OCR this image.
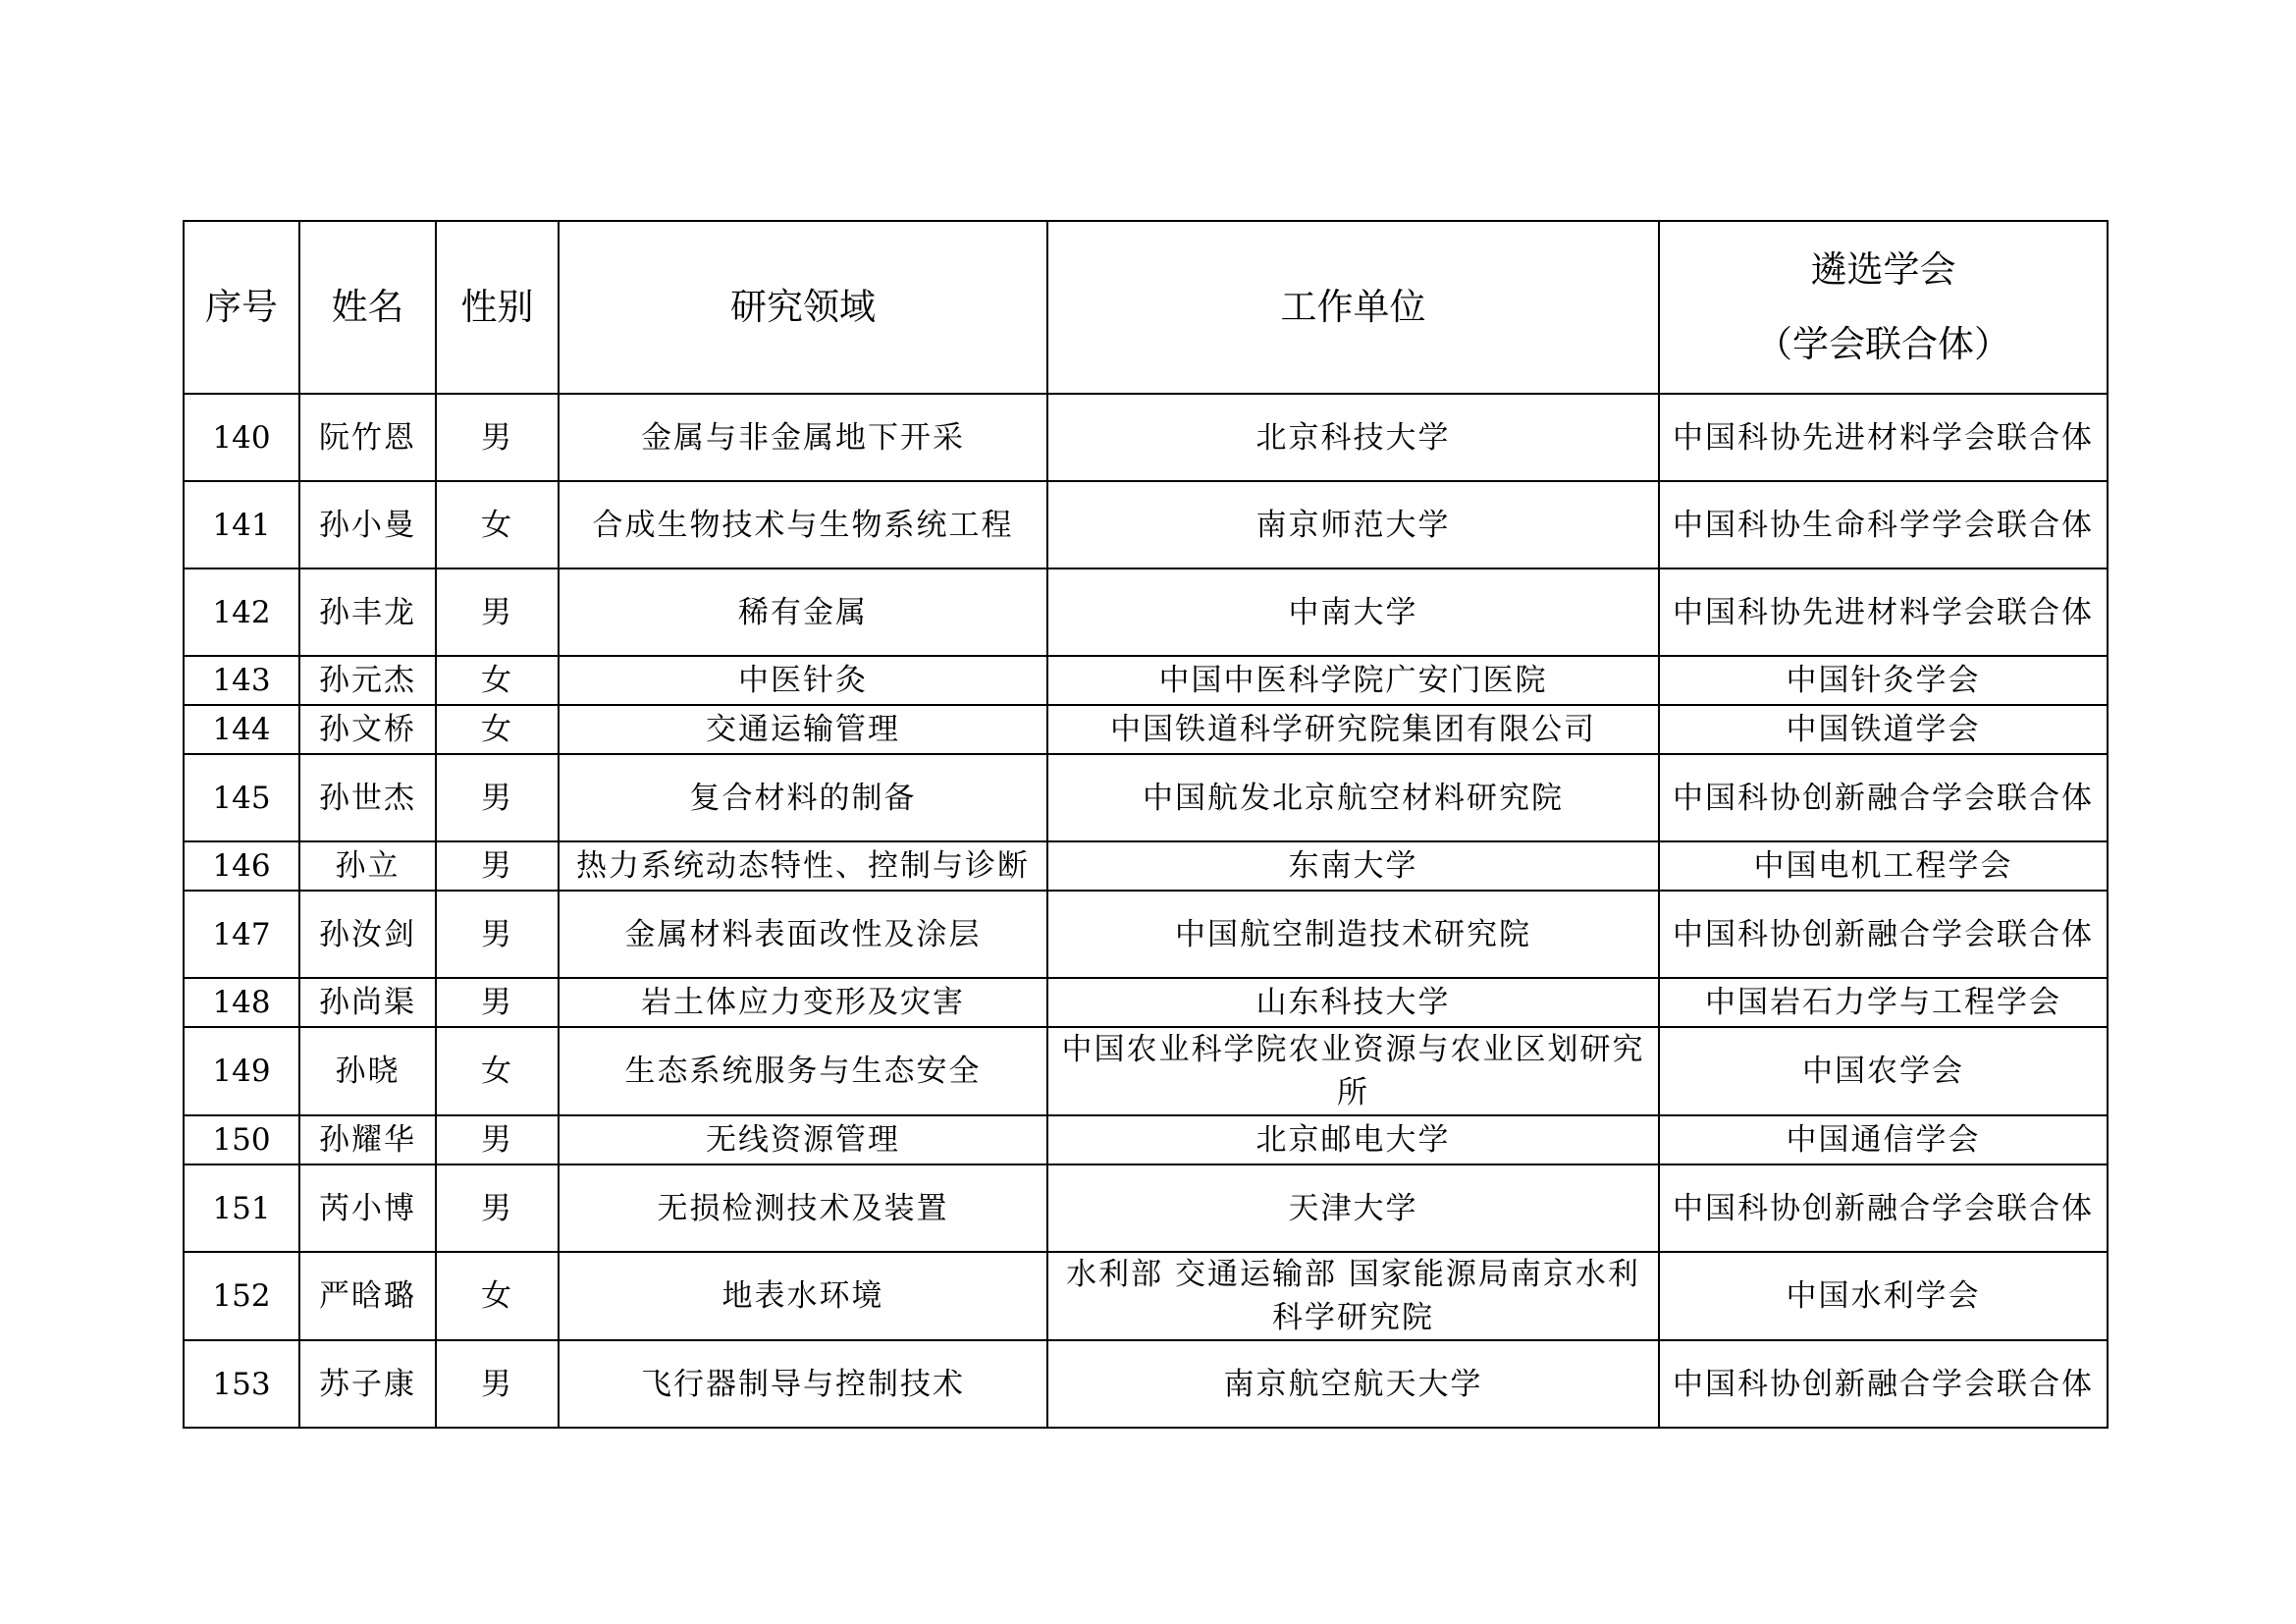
序号	姓名	性别	研究领域	工作单位	遴选学会
（学会联合体）

140	阮竹恩	男	金属与非金属地下开采	北京科技大学	中国科协先进材料学会联合体
141	孙小曼	女	合成生物技术与生物系统工程	南京师范大学	中国科协生命科学学会联合体
142	孙丰龙	男	稀有金属	中南大学	中国科协先进材料学会联合体
143	孙元杰	女	中医针灸	中国中医科学院广安门医院	中国针灸学会
144	孙文桥	女	交通运输管理	中国铁道科学研究院集团有限公司	中国铁道学会
145	孙世杰	男	复合材料的制备	中国航发北京航空材料研究院	中国科协创新融合学会联合体
146	孙立	男	热力系统动态特性、控制与诊断	东南大学	中国电机工程学会
147	孙汝剑	男	金属材料表面改性及涂层	中国航空制造技术研究院	中国科协创新融合学会联合体
148	孙尚渠	男	岩土体应力变形及灾害	山东科技大学	中国岩石力学与工程学会
149	孙晓	女	生态系统服务与生态安全	中国农业科学院农业资源与农业区划研究所	中国农学会
150	孙耀华	男	无线资源管理	北京邮电大学	中国通信学会
151	芮小博	男	无损检测技术及装置	天津大学	中国科协创新融合学会联合体
152	严晗璐	女	地表水环境	水利部 交通运输部 国家能源局南京水利科学研究院	中国水利学会
153	苏子康	男	飞行器制导与控制技术	南京航空航天大学	中国科协创新融合学会联合体
